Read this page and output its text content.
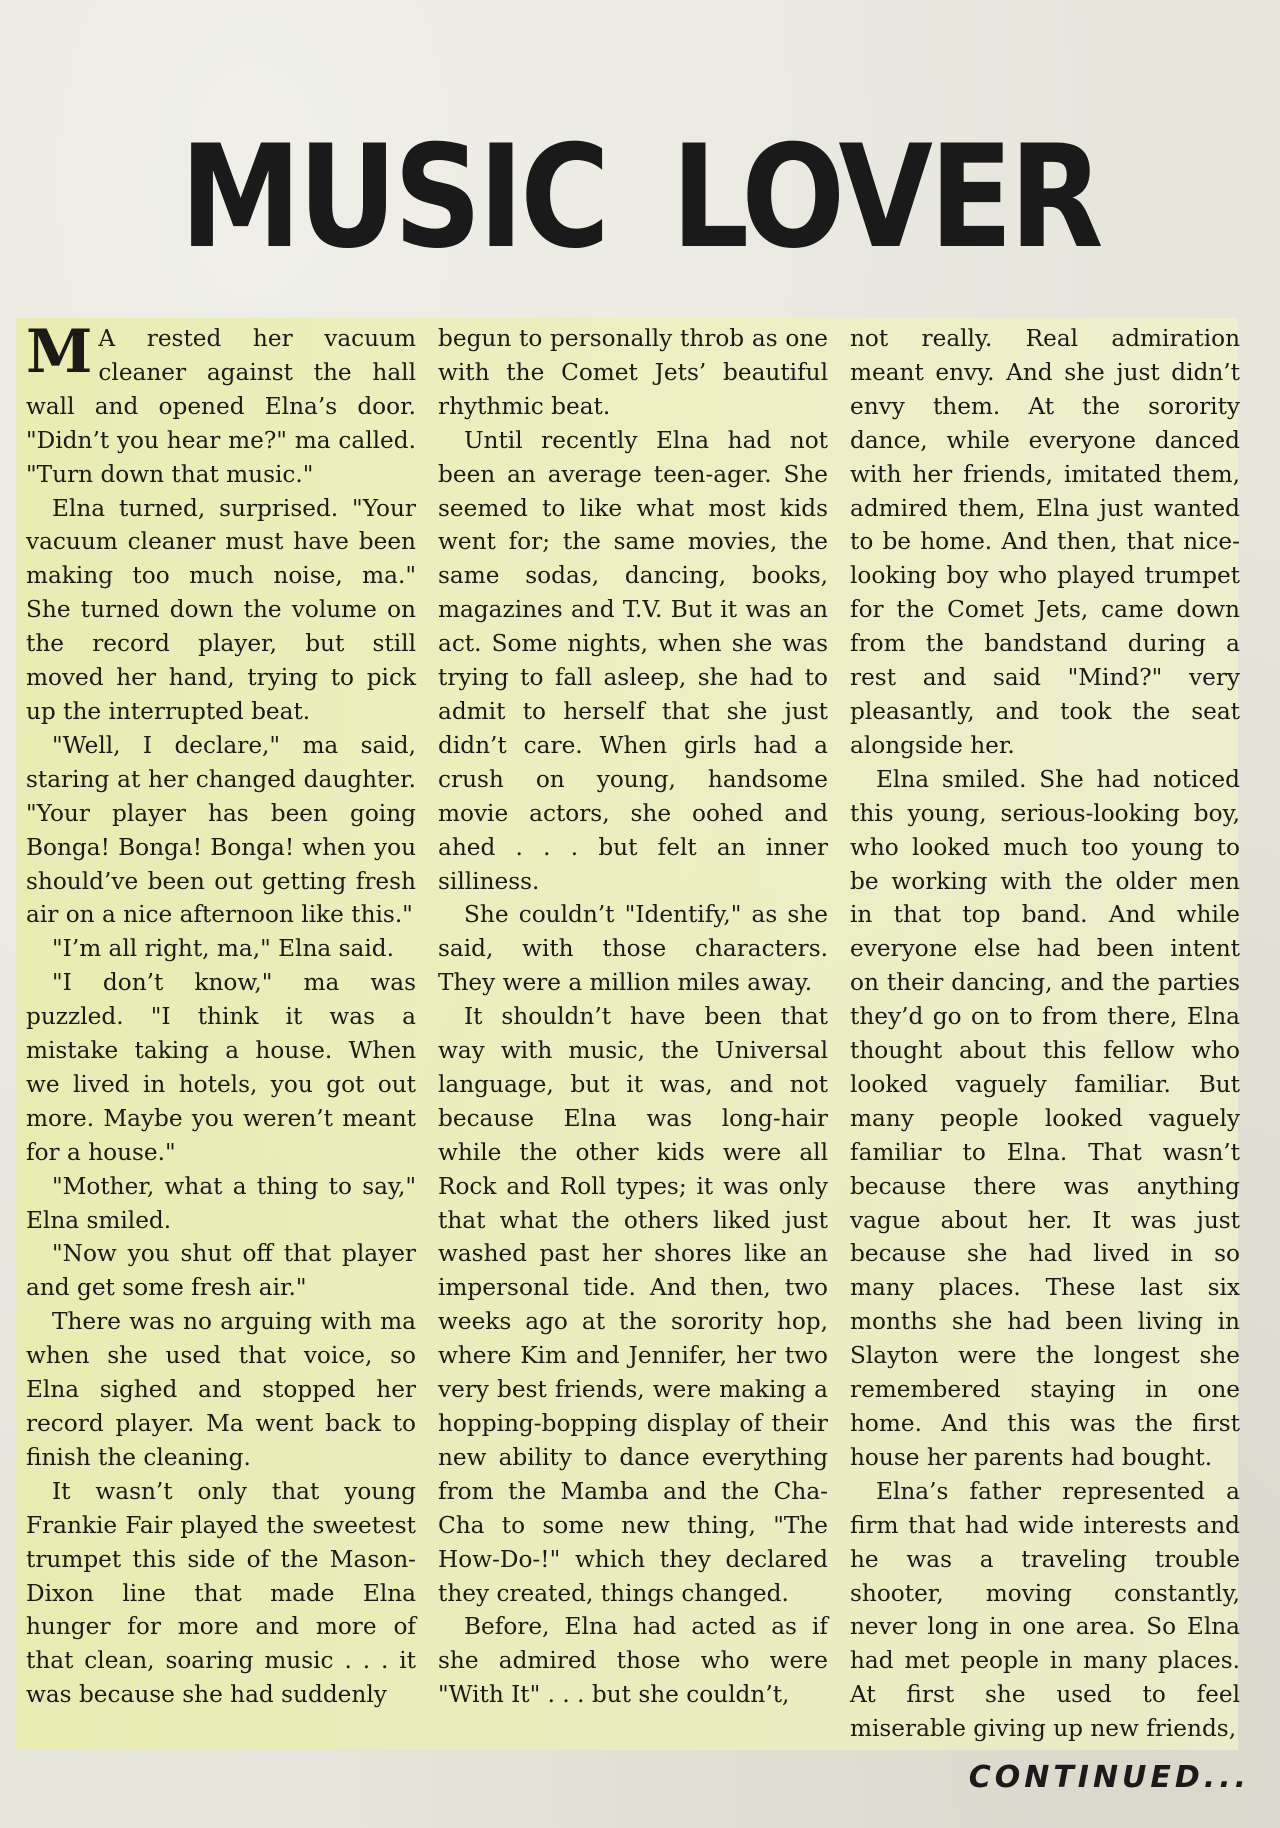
MUSIC LOVER

M A rested her vacuum cleaner against the hall wall and opened Elna’s door. "Didn’t you hear me?" ma called. "Turn down that music."

Elna turned, surprised. "Your vacuum cleaner must have been making too much noise, ma." She turned down the volume on the record player, but still moved her hand, trying to pick up the interrupted beat.

"Well, I declare," ma said, staring at her changed daughter. "Your player has been going Bonga! Bonga! Bonga! when you should’ve been out getting fresh air on a nice afternoon like this."

"I’m all right, ma," Elna said.

"I don’t know," ma was puzzled. "I think it was a mistake taking a house. When we lived in hotels, you got out more. Maybe you weren’t meant for a house."

"Mother, what a thing to say," Elna smiled.

"Now you shut off that player and get some fresh air."

There was no arguing with ma when she used that voice, so Elna sighed and stopped her record player. Ma went back to finish the cleaning.

It wasn’t only that young Frankie Fair played the sweetest trumpet this side of the Mason-Dixon line that made Elna hunger for more and more of that clean, soaring music . . . it was because she had suddenly

begun to personally throb as one with the Comet Jets’ beautiful rhythmic beat.

Until recently Elna had not been an average teen-ager. She seemed to like what most kids went for; the same movies, the same sodas, dancing, books, magazines and T.V. But it was an act. Some nights, when she was trying to fall asleep, she had to admit to herself that she just didn’t care. When girls had a crush on young, handsome movie actors, she oohed and ahed . . . but felt an inner silliness.

She couldn’t "Identify," as she said, with those characters. They were a million miles away.

It shouldn’t have been that way with music, the Universal language, but it was, and not because Elna was long-hair while the other kids were all Rock and Roll types; it was only that what the others liked just washed past her shores like an impersonal tide. And then, two weeks ago at the sorority hop, where Kim and Jennifer, her two very best friends, were making a hopping-bopping display of their new ability to dance everything from the Mamba and the Cha-Cha to some new thing, "The How-Do-!" which they declared they created, things changed.

Before, Elna had acted as if she admired those who were "With It" . . . but she couldn’t,

not really. Real admiration meant envy. And she just didn’t envy them. At the sorority dance, while everyone danced with her friends, imitated them, admired them, Elna just wanted to be home. And then, that nice-looking boy who played trumpet for the Comet Jets, came down from the bandstand during a rest and said "Mind?" very pleasantly, and took the seat alongside her.

Elna smiled. She had noticed this young, serious-looking boy, who looked much too young to be working with the older men in that top band. And while everyone else had been intent on their dancing, and the parties they’d go on to from there, Elna thought about this fellow who looked vaguely familiar. But many people looked vaguely familiar to Elna. That wasn’t because there was anything vague about her. It was just because she had lived in so many places. These last six months she had been living in Slayton were the longest she remembered staying in one home. And this was the first house her parents had bought.

Elna’s father represented a firm that had wide interests and he was a traveling trouble shooter, moving constantly, never long in one area. So Elna had met people in many places. At first she used to feel miserable giving up new friends,

CONTINUED...
